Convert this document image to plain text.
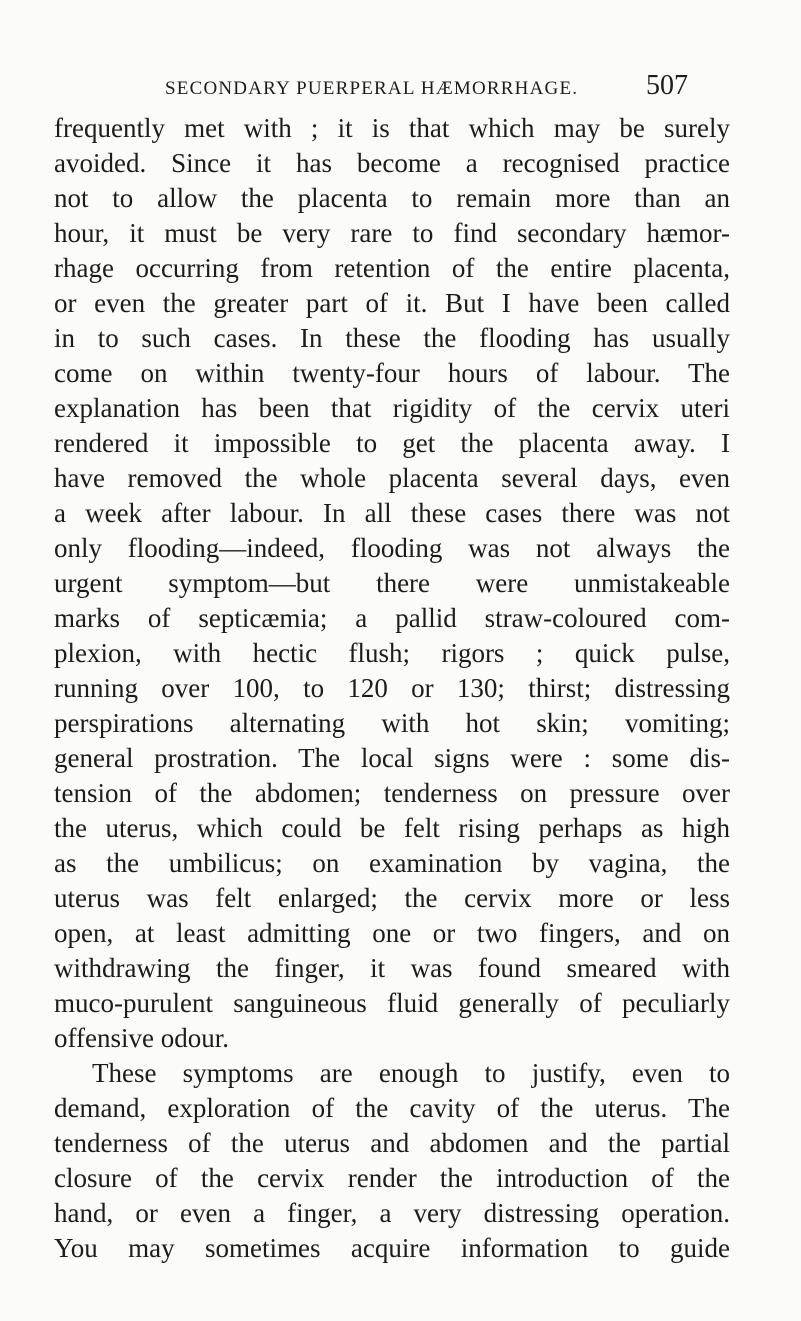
SECONDARY PUERPERAL HÆMORRHAGE.	507
frequently met with ; it is that which may be surely
avoided. Since it has become a recognised practice
not to allow the placenta to remain more than an
hour, it must be very rare to find secondary hæmor-
rhage occurring from retention of the entire placenta,
or even the greater part of it. But I have been called
in to such cases. In these the flooding has usually
come on within twenty-four hours of labour. The
explanation has been that rigidity of the cervix uteri
rendered it impossible to get the placenta away. I
have removed the whole placenta several days, even
a week after labour. In all these cases there was not
only flooding—indeed, flooding was not always the
urgent symptom—but there were unmistakeable
marks of septicæmia; a pallid straw-coloured com-
plexion, with hectic flush; rigors ; quick pulse,
running over 100, to 120 or 130; thirst; distressing
perspirations alternating with hot skin; vomiting;
general prostration. The local signs were : some dis-
tension of the abdomen; tenderness on pressure over
the uterus, which could be felt rising perhaps as high
as the umbilicus; on examination by vagina, the
uterus was felt enlarged; the cervix more or less
open, at least admitting one or two fingers, and on
withdrawing the finger, it was found smeared with
muco-purulent sanguineous fluid generally of peculiarly
offensive odour.
These symptoms are enough to justify, even to
demand, exploration of the cavity of the uterus. The
tenderness of the uterus and abdomen and the partial
closure of the cervix render the introduction of the
hand, or even a finger, a very distressing operation.
You may sometimes acquire information to guide
